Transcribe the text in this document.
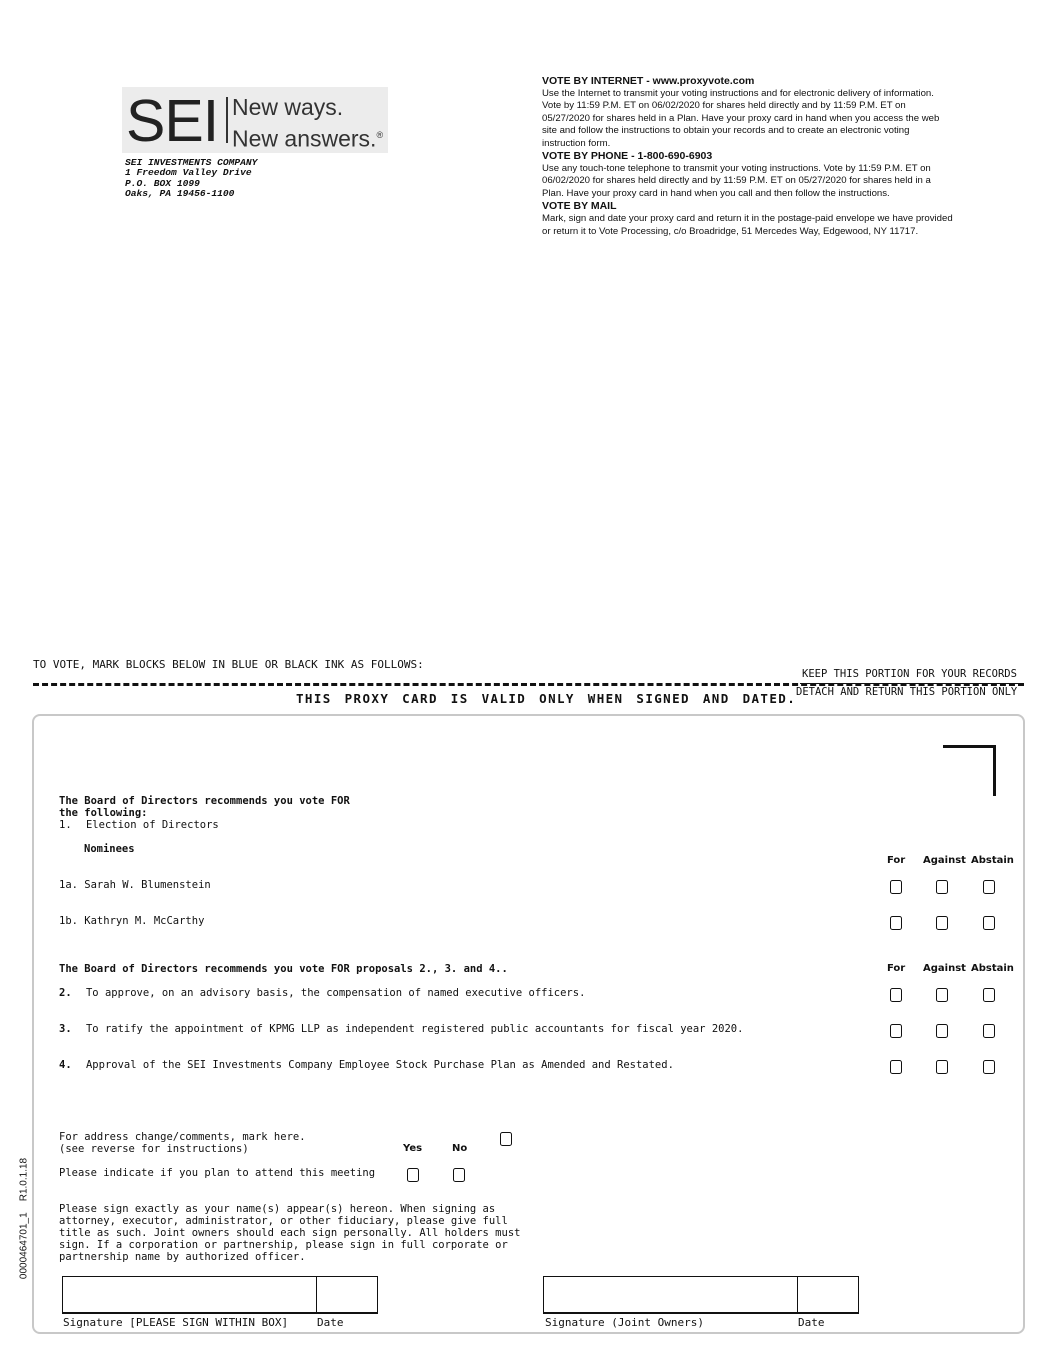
SEI New ways.
New answers.®
SEI INVESTMENTS COMPANY
1 Freedom Valley Drive
P.O. BOX 1099
Oaks, PA 19456-1100
VOTE BY INTERNET - www.proxyvote.com
Use the Internet to transmit your voting instructions and for electronic delivery of information. Vote by 11:59 P.M. ET on 06/02/2020 for shares held directly and by 11:59 P.M. ET on 05/27/2020 for shares held in a Plan. Have your proxy card in hand when you access the web site and follow the instructions to obtain your records and to create an electronic voting instruction form.
VOTE BY PHONE - 1-800-690-6903
Use any touch-tone telephone to transmit your voting instructions. Vote by 11:59 P.M. ET on 06/02/2020 for shares held directly and by 11:59 P.M. ET on 05/27/2020 for shares held in a Plan. Have your proxy card in hand when you call and then follow the instructions.
VOTE BY MAIL
Mark, sign and date your proxy card and return it in the postage-paid envelope we have provided or return it to Vote Processing, c/o Broadridge, 51 Mercedes Way, Edgewood, NY 11717.
TO VOTE, MARK BLOCKS BELOW IN BLUE OR BLACK INK AS FOLLOWS:
KEEP THIS PORTION FOR YOUR RECORDS
DETACH AND RETURN THIS PORTION ONLY
THIS PROXY CARD IS VALID ONLY WHEN SIGNED AND DATED.
The Board of Directors recommends you vote FOR
the following:
1. Election of Directors
Nominees
For Against Abstain
1a. Sarah W. Blumenstein
1b. Kathryn M. McCarthy
The Board of Directors recommends you vote FOR proposals 2., 3. and 4..	For Against Abstain
2. To approve, on an advisory basis, the compensation of named executive officers.
3. To ratify the appointment of KPMG LLP as independent registered public accountants for fiscal year 2020.
4. Approval of the SEI Investments Company Employee Stock Purchase Plan as Amended and Restated.
For address change/comments, mark here.
(see reverse for instructions)	Yes	No
Please indicate if you plan to attend this meeting
Please sign exactly as your name(s) appear(s) hereon. When signing as
attorney, executor, administrator, or other fiduciary, please give full
title as such. Joint owners should each sign personally. All holders must
sign. If a corporation or partnership, please sign in full corporate or
partnership name by authorized officer.
Signature [PLEASE SIGN WITHIN BOX]	Date	Signature (Joint Owners)	Date
0000464701_1    R1.0.1.18
